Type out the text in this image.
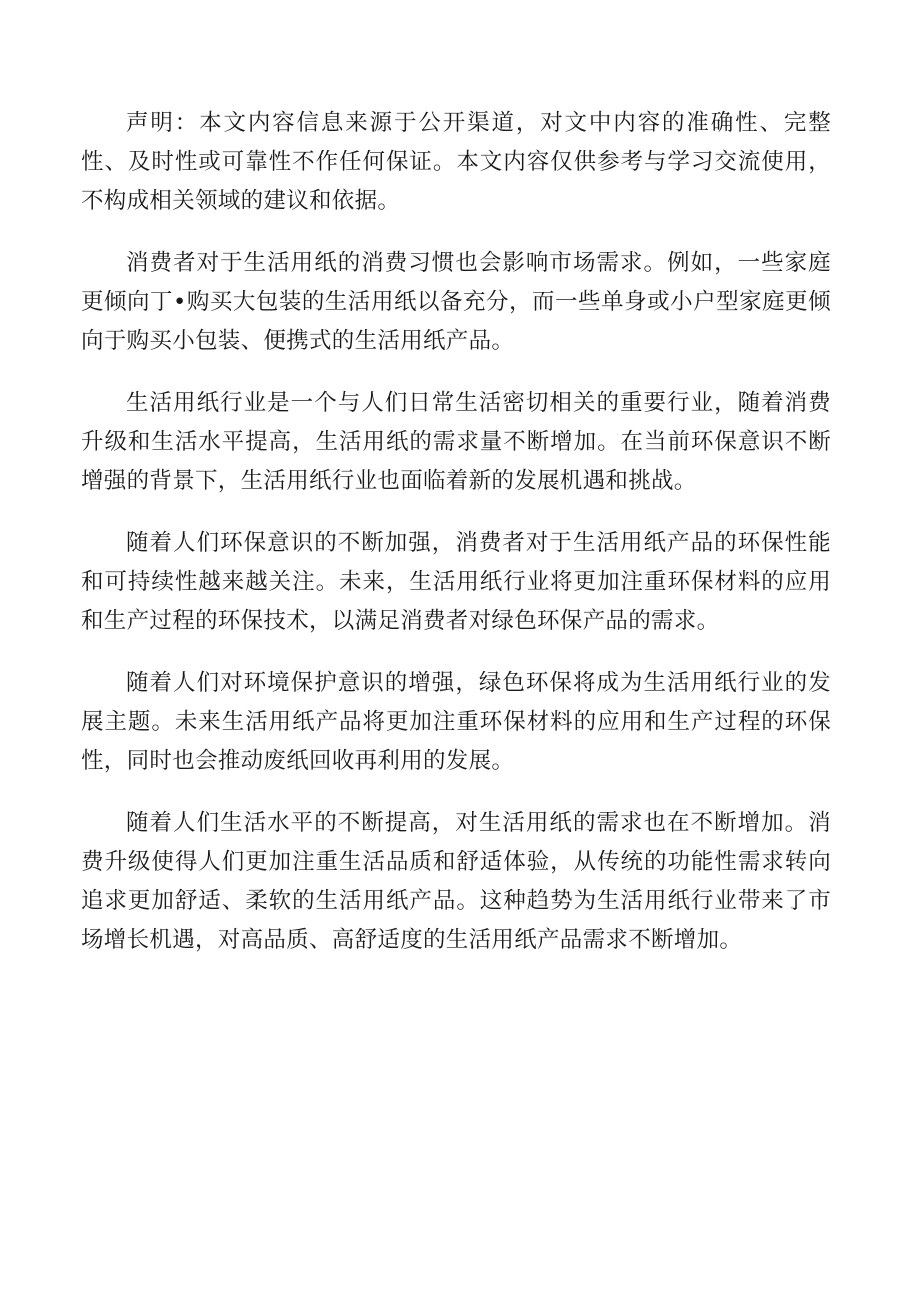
声明：本文内容信息来源于公开渠道，对文中内容的准确性、完整性、及时性或可靠性不作任何保证。本文内容仅供参考与学习交流使用，不构成相关领域的建议和依据。

消费者对于生活用纸的消费习惯也会影响市场需求。例如，一些家庭更倾向丁•购买大包装的生活用纸以备充分，而一些单身或小户型家庭更倾向于购买小包装、便携式的生活用纸产品。

生活用纸行业是一个与人们日常生活密切相关的重要行业，随着消费升级和生活水平提高，生活用纸的需求量不断增加。在当前环保意识不断增强的背景下，生活用纸行业也面临着新的发展机遇和挑战。

随着人们环保意识的不断加强，消费者对于生活用纸产品的环保性能和可持续性越来越关注。未来，生活用纸行业将更加注重环保材料的应用和生产过程的环保技术，以满足消费者对绿色环保产品的需求。

随着人们对环境保护意识的增强，绿色环保将成为生活用纸行业的发展主题。未来生活用纸产品将更加注重环保材料的应用和生产过程的环保性，同时也会推动废纸回收再利用的发展。

随着人们生活水平的不断提高，对生活用纸的需求也在不断增加。消费升级使得人们更加注重生活品质和舒适体验，从传统的功能性需求转向追求更加舒适、柔软的生活用纸产品。这种趋势为生活用纸行业带来了市场增长机遇，对高品质、高舒适度的生活用纸产品需求不断增加。
